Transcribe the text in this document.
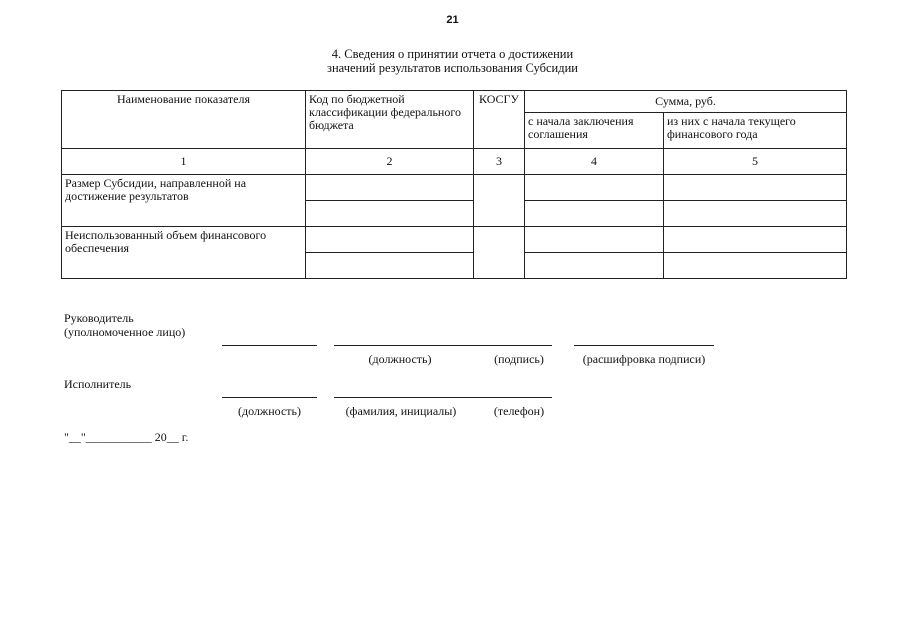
21
4. Сведения о принятии отчета о достижении
значений результатов использования Субсидии
Наименование показателя	Код по бюджетной классификации федерального бюджета	КОСГУ	Сумма, руб.	
			с начала заключения соглашения	из них с начала текущего финансового года
1	2	3	4	5
Размер Субсидии, направленной на достижение результатов				

Неиспользованный объем финансового обеспечения				

Руководитель
(уполномоченное лицо)
(должность)	(подпись)	(расшифровка подписи)
Исполнитель
(должность)	(фамилия, инициалы)	(телефон)
"__"___________ 20__ г.
